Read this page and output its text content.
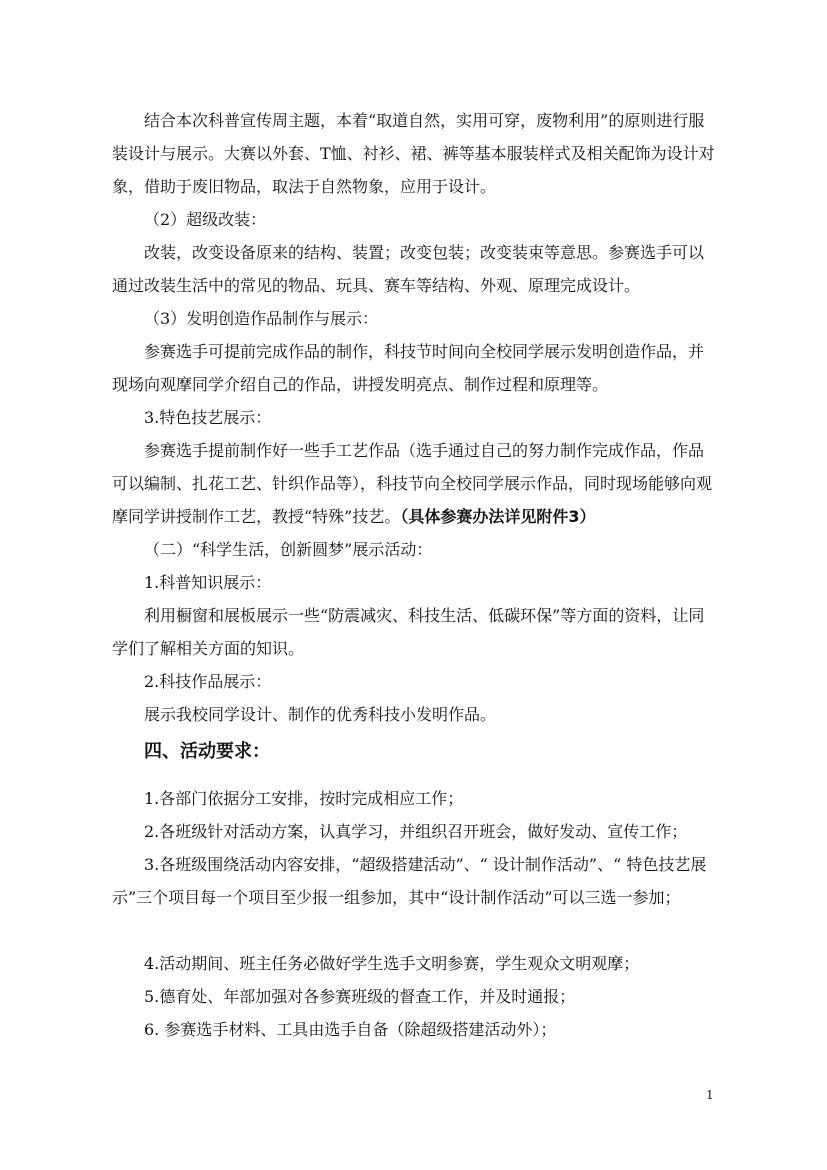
结合本次科普宣传周主题，本着“取道自然，实用可穿，废物利用”的原则进行服装设计与展示。大赛以外套、T恤、衬衫、裙、裤等基本服装样式及相关配饰为设计对象，借助于废旧物品，取法于自然物象，应用于设计。

（2）超级改装：

改装，改变设备原来的结构、装置；改变包装；改变装束等意思。参赛选手可以通过改装生活中的常见的物品、玩具、赛车等结构、外观、原理完成设计。

（3）发明创造作品制作与展示：

参赛选手可提前完成作品的制作，科技节时间向全校同学展示发明创造作品，并现场向观摩同学介绍自己的作品，讲授发明亮点、制作过程和原理等。

3.特色技艺展示：

参赛选手提前制作好一些手工艺作品（选手通过自己的努力制作完成作品，作品可以编制、扎花工艺、针织作品等），科技节向全校同学展示作品，同时现场能够向观摩同学讲授制作工艺，教授“特殊”技艺。（具体参赛办法详见附件3）

（二）“科学生活，创新圆梦”展示活动：

1.科普知识展示：

利用橱窗和展板展示一些“防震减灾、科技生活、低碳环保”等方面的资料，让同学们了解相关方面的知识。

2.科技作品展示：

展示我校同学设计、制作的优秀科技小发明作品。

四、活动要求：

1.各部门依据分工安排，按时完成相应工作；

2.各班级针对活动方案，认真学习，并组织召开班会，做好发动、宣传工作；

3.各班级围绕活动内容安排，“超级搭建活动”、“ 设计制作活动”、“ 特色技艺展示”三个项目每一个项目至少报一组参加，其中“设计制作活动”可以三选一参加；

4.活动期间、班主任务必做好学生选手文明参赛，学生观众文明观摩；

5.德育处、年部加强对各参赛班级的督查工作，并及时通报；

6. 参赛选手材料、工具由选手自备（除超级搭建活动外）；

1
